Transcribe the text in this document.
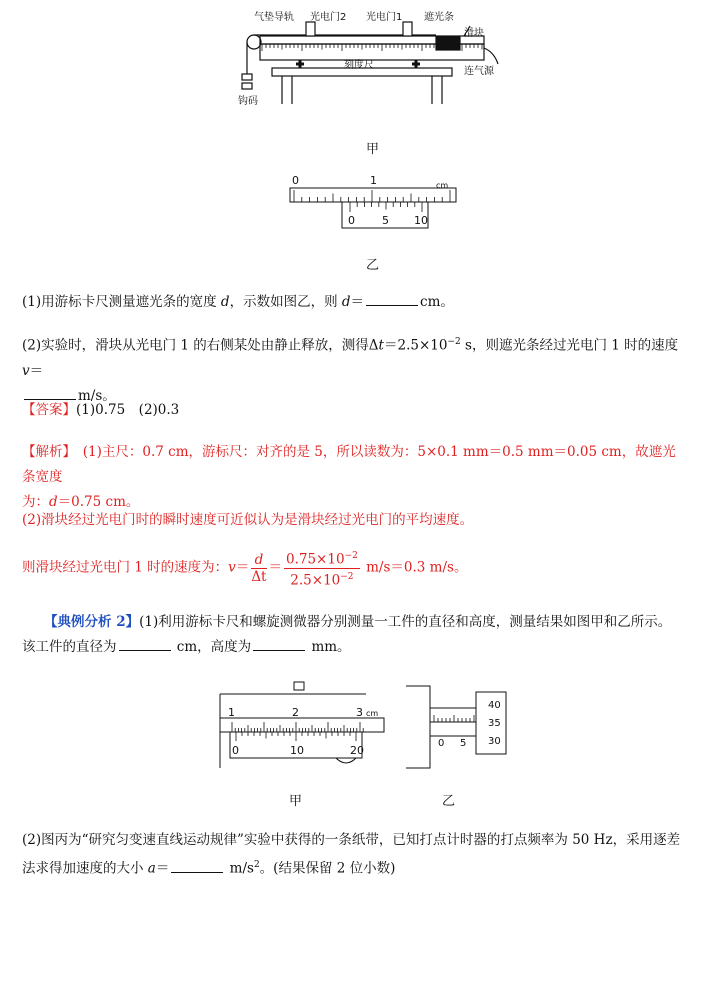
气垫导轨 光电门2 光电门1 遮光条
滑块
刻度尺
连气源
钩码
甲
0	1	cm
0 5 10
乙
(1)用游标卡尺测量遮光条的宽度 d，示数如图乙，则 d＝	cm。
(2)实验时，滑块从光电门 1 的右侧某处由静止释放，测得$\Delta t=2.5\times 10^{-2}$ s，则遮光条经过光电门 1 时的速度 v＝
m/s。
【答案】(1)0.75　(2)0.3
【解析】　(1)主尺：0.7 cm，游标尺：对齐的是 5，所以读数为：5×0.1 mm＝0.5 mm＝0.05 cm，故遮光条宽度
为：d＝0.75 cm。
(2)滑块经过光电门时的瞬时速度可近似认为是滑块经过光电门的平均速度。
则滑块经过光电门 1 时的速度为：$v= \frac{d}{\Delta t} = \frac{0.75\times 10^{-2}}{2.5\times 10^{-2}} m/s=0.3$ m/s。
【典例分析 2】(1)利用游标卡尺和螺旋测微器分别测量一工件的直径和高度，测量结果如图甲和乙所示。
该工件的直径为	cm，高度为	mm。
1	2	3 cm
0	10	20
甲
0 5
40
35
30
乙
(2)图丙为“研究匀变速直线运动规律”实验中获得的一条纸带，已知打点计时器的打点频率为 50 Hz，采用逐差
法求得加速度的大小 a＝	$m/s^2$。(结果保留 2 位小数)
